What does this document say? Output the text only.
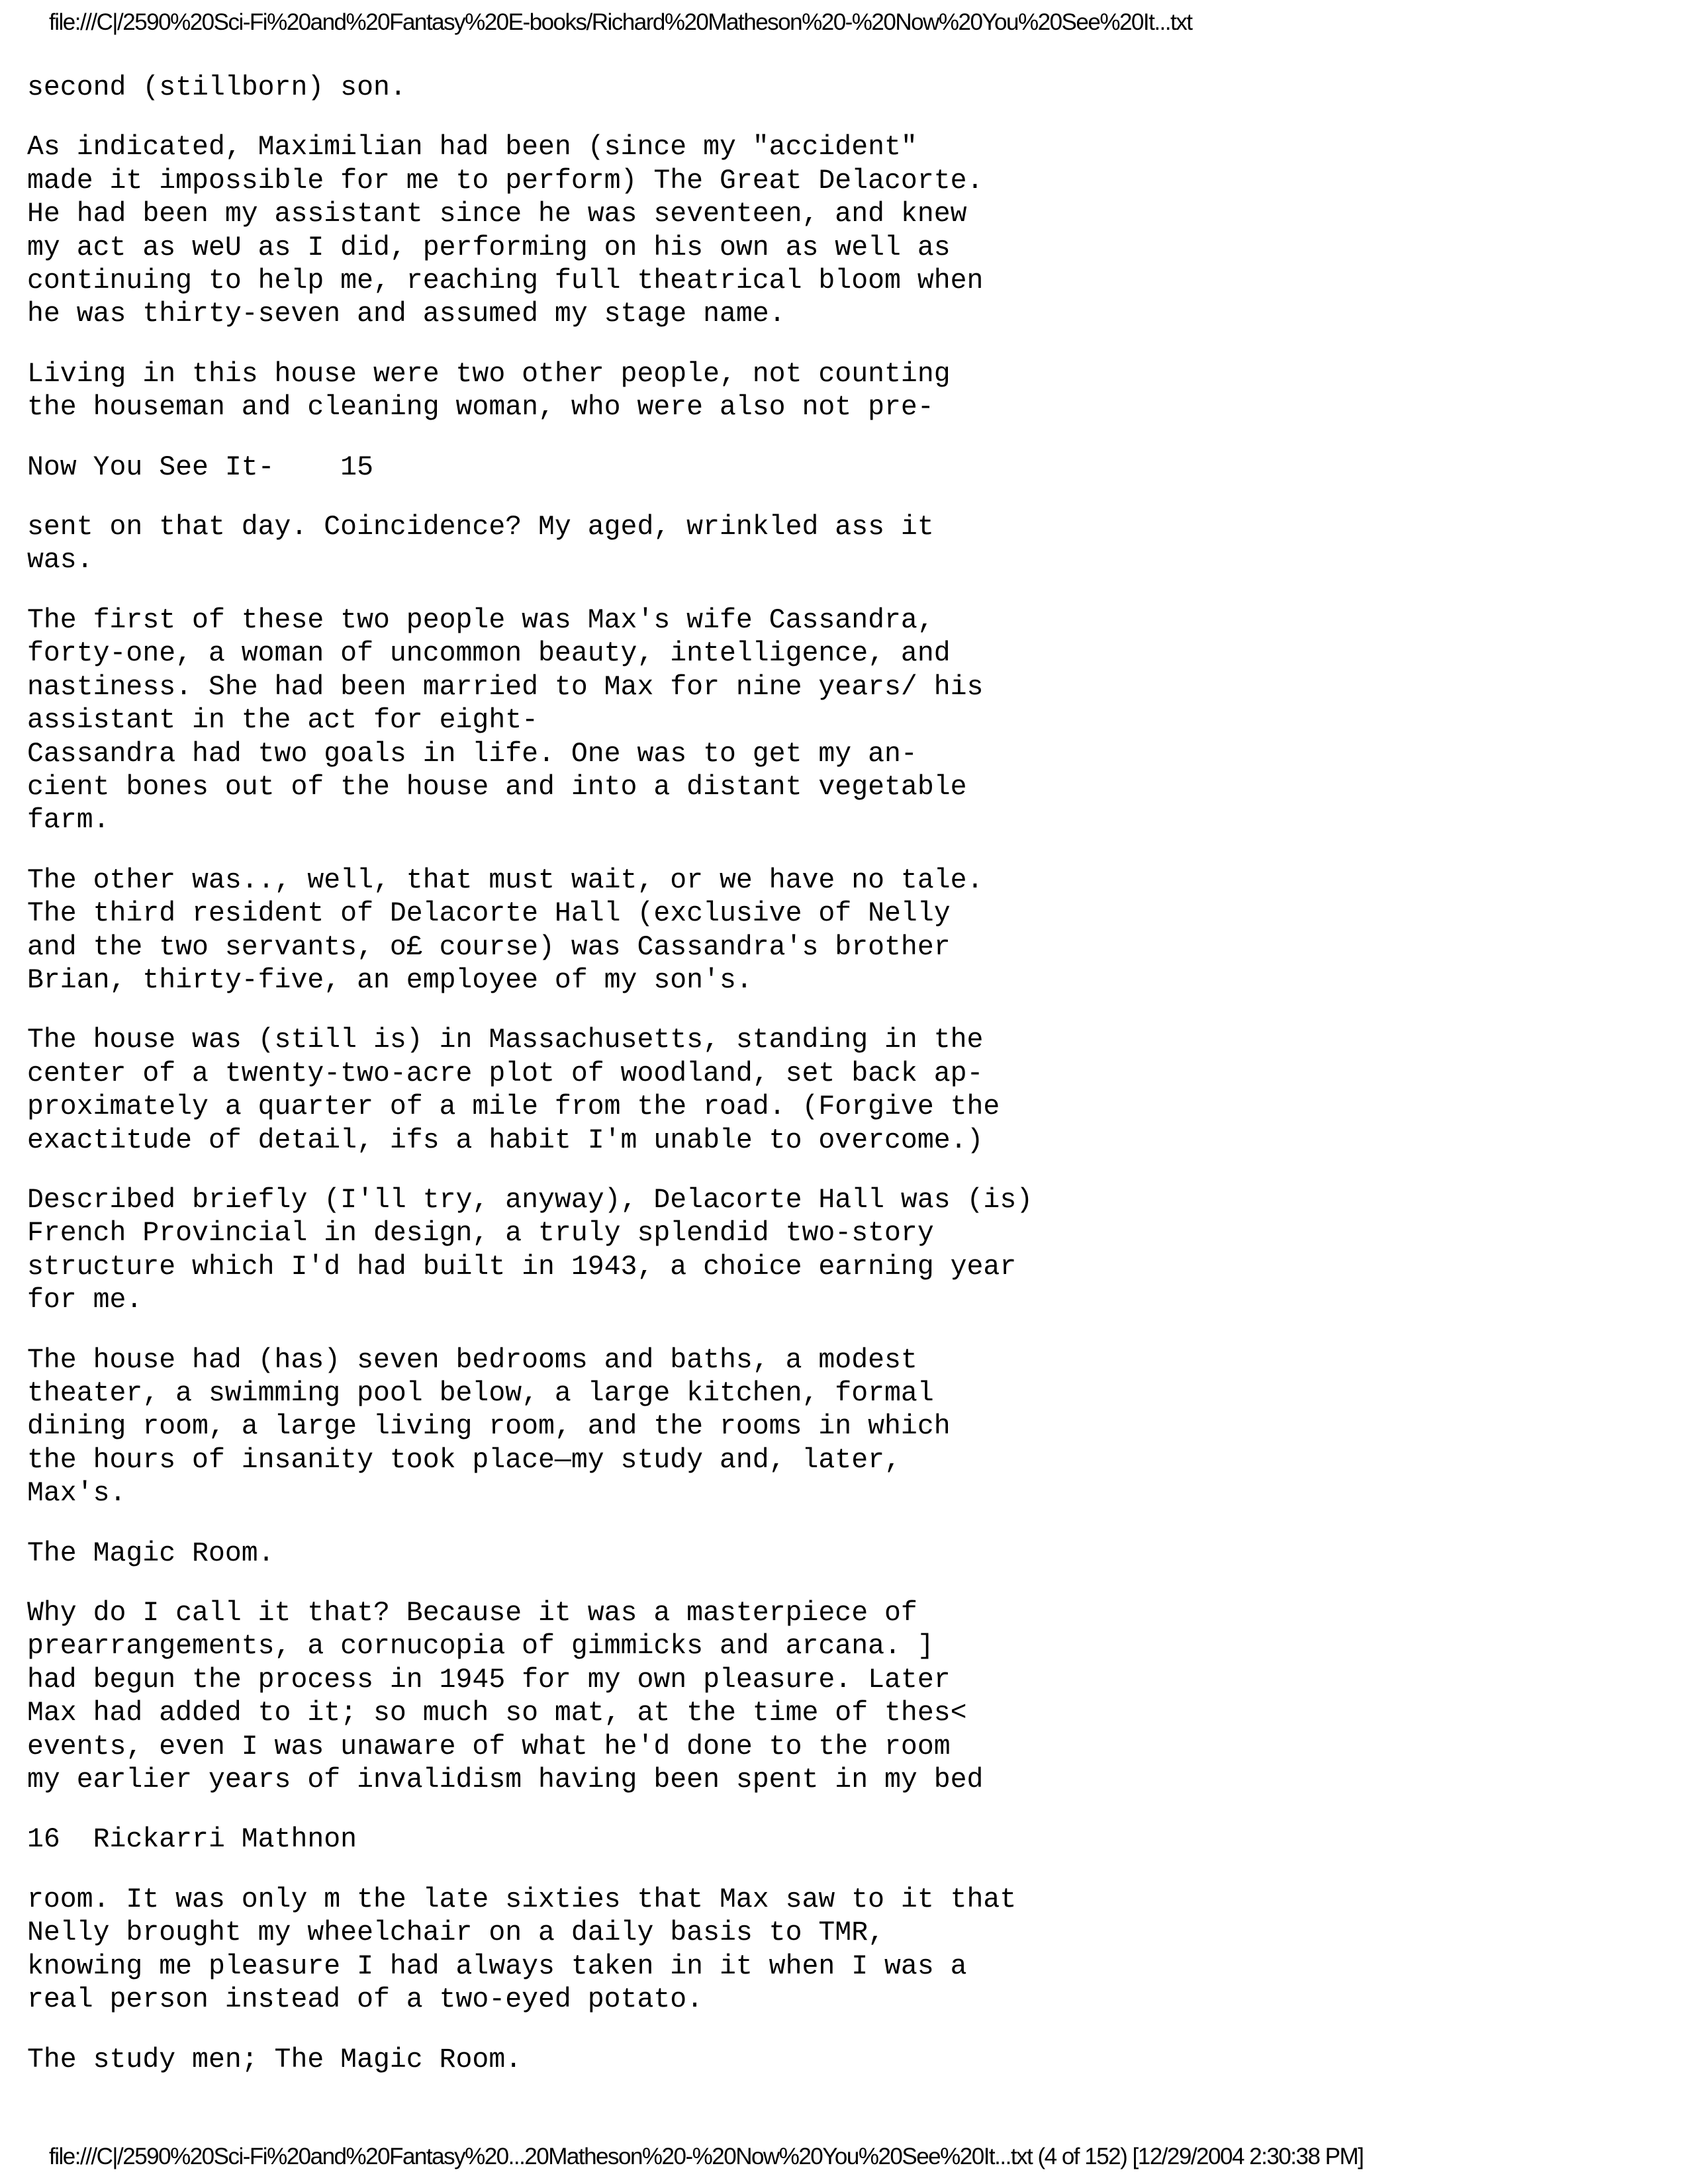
file:///C|/2590%20Sci-Fi%20and%20Fantasy%20E-books/Richard%20Matheson%20-%20Now%20You%20See%20It...txt

second (stillborn) son.

As indicated, Maximilian had been (since my "accident"
made it impossible for me to perform) The Great Delacorte.
He had been my assistant since he was seventeen, and knew
my act as weU as I did, performing on his own as well as
continuing to help me, reaching full theatrical bloom when
he was thirty-seven and assumed my stage name.

Living in this house were two other people, not counting
the houseman and cleaning woman, who were also not pre-

Now You See It-    15

sent on that day. Coincidence? My aged, wrinkled ass it
was.

The first of these two people was Max's wife Cassandra,
forty-one, a woman of uncommon beauty, intelligence, and
nastiness. She had been married to Max for nine years/ his
assistant in the act for eight-
Cassandra had two goals in life. One was to get my an-
cient bones out of the house and into a distant vegetable
farm.

The other was.., well, that must wait, or we have no tale.
The third resident of Delacorte Hall (exclusive of Nelly
and the two servants, o£ course) was Cassandra's brother
Brian, thirty-five, an employee of my son's.

The house was (still is) in Massachusetts, standing in the
center of a twenty-two-acre plot of woodland, set back ap-
proximately a quarter of a mile from the road. (Forgive the
exactitude of detail, ifs a habit I'm unable to overcome.)

Described briefly (I'll try, anyway), Delacorte Hall was (is)
French Provincial in design, a truly splendid two-story
structure which I'd had built in 1943, a choice earning year
for me.

The house had (has) seven bedrooms and baths, a modest
theater, a swimming pool below, a large kitchen, formal
dining room, a large living room, and the rooms in which
the hours of insanity took place—my study and, later,
Max's.

The Magic Room.

Why do I call it that? Because it was a masterpiece of
prearrangements, a cornucopia of gimmicks and arcana. ]
had begun the process in 1945 for my own pleasure. Later
Max had added to it; so much so mat, at the time of thes<
events, even I was unaware of what he'd done to the room
my earlier years of invalidism having been spent in my bed

16  Rickarri Mathnon

room. It was only m the late sixties that Max saw to it that
Nelly brought my wheelchair on a daily basis to TMR,
knowing me pleasure I had always taken in it when I was a
real person instead of a two-eyed potato.

The study men; The Magic Room.

file:///C|/2590%20Sci-Fi%20and%20Fantasy%20...20Matheson%20-%20Now%20You%20See%20It...txt (4 of 152) [12/29/2004 2:30:38 PM]
